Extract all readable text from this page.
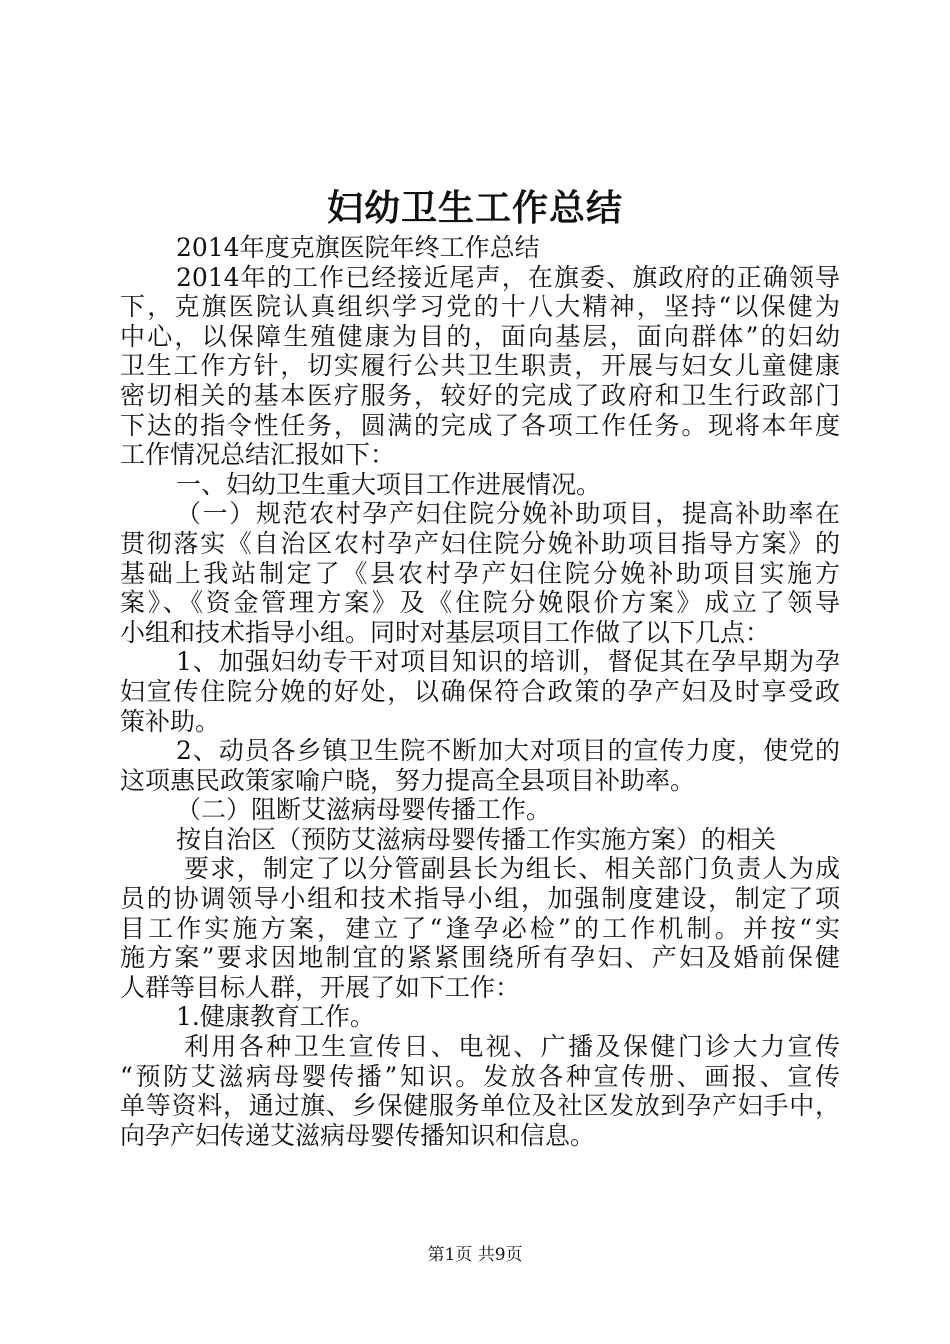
妇幼卫生工作总结
2014年度克旗医院年终工作总结
2014年的工作已经接近尾声，在旗委、旗政府的正确领导
下，克旗医院认真组织学习党的十八大精神，坚持“以保健为
中心，以保障生殖健康为目的，面向基层，面向群体”的妇幼
卫生工作方针，切实履行公共卫生职责，开展与妇女儿童健康
密切相关的基本医疗服务，较好的完成了政府和卫生行政部门
下达的指令性任务，圆满的完成了各项工作任务。现将本年度
工作情况总结汇报如下：
一、妇幼卫生重大项目工作进展情况。
（一）规范农村孕产妇住院分娩补助项目，提高补助率在
贯彻落实《自治区农村孕产妇住院分娩补助项目指导方案》的
基础上我站制定了《县农村孕产妇住院分娩补助项目实施方
案》、《资金管理方案》及《住院分娩限价方案》成立了领导
小组和技术指导小组。同时对基层项目工作做了以下几点：
1、加强妇幼专干对项目知识的培训，督促其在孕早期为孕
妇宣传住院分娩的好处，以确保符合政策的孕产妇及时享受政
策补助。
2、动员各乡镇卫生院不断加大对项目的宣传力度，使党的
这项惠民政策家喻户晓，努力提高全县项目补助率。
（二）阻断艾滋病母婴传播工作。
按自治区（预防艾滋病母婴传播工作实施方案）的相关
要求，制定了以分管副县长为组长、相关部门负责人为成
员的协调领导小组和技术指导小组，加强制度建设，制定了项
目工作实施方案，建立了“逢孕必检”的工作机制。并按“实
施方案”要求因地制宜的紧紧围绕所有孕妇、产妇及婚前保健
人群等目标人群，开展了如下工作：
1.健康教育工作。
利用各种卫生宣传日、电视、广播及保健门诊大力宣传
“预防艾滋病母婴传播”知识。发放各种宣传册、画报、宣传
单等资料，通过旗、乡保健服务单位及社区发放到孕产妇手中，
向孕产妇传递艾滋病母婴传播知识和信息。
第1页 共9页
